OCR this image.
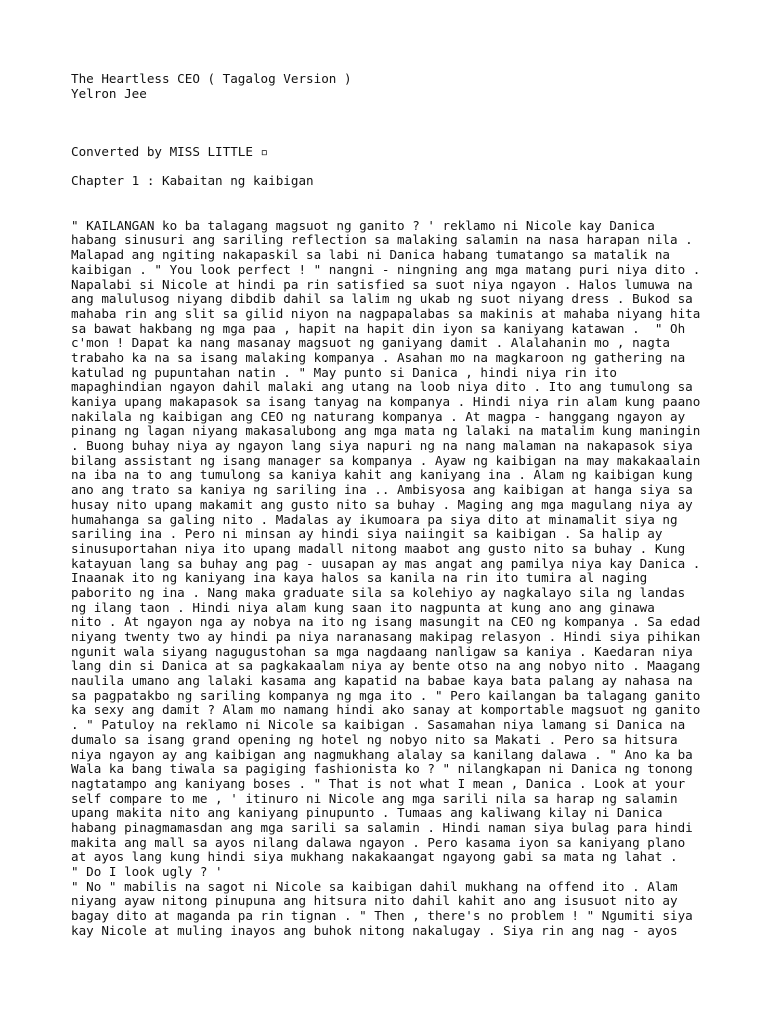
The Heartless CEO ( Tagalog Version )
Yelron Jee
Converted by MISS LITTLE ▫
Chapter 1 : Kabaitan ng kaibigan
" KAILANGAN ko ba talagang magsuot ng ganito ? ' reklamo ni Nicole kay Danica
habang sinusuri ang sariling reflection sa malaking salamin na nasa harapan nila .
Malapad ang ngiting nakapaskil sa labi ni Danica habang tumatango sa matalik na
kaibigan . " You look perfect ! " nangni - ningning ang mga matang puri niya dito .
Napalabi si Nicole at hindi pa rin satisfied sa suot niya ngayon . Halos lumuwa na
ang malulusog niyang dibdib dahil sa lalim ng ukab ng suot niyang dress . Bukod sa
mahaba rin ang slit sa gilid niyon na nagpapalabas sa makinis at mahaba niyang hita
sa bawat hakbang ng mga paa , hapit na hapit din iyon sa kaniyang katawan .  " Oh
c'mon ! Dapat ka nang masanay magsuot ng ganiyang damit . Alalahanin mo , nagta
trabaho ka na sa isang malaking kompanya . Asahan mo na magkaroon ng gathering na
katulad ng pupuntahan natin . " May punto si Danica , hindi niya rin ito
mapaghindian ngayon dahil malaki ang utang na loob niya dito . Ito ang tumulong sa
kaniya upang makapasok sa isang tanyag na kompanya . Hindi niya rin alam kung paano
nakilala ng kaibigan ang CEO ng naturang kompanya . At magpa - hanggang ngayon ay
pinang ng lagan niyang makasalubong ang mga mata ng lalaki na matalim kung maningin
. Buong buhay niya ay ngayon lang siya napuri ng na nang malaman na nakapasok siya
bilang assistant ng isang manager sa kompanya . Ayaw ng kaibigan na may makakaalain
na iba na to ang tumulong sa kaniya kahit ang kaniyang ina . Alam ng kaibigan kung
ano ang trato sa kaniya ng sariling ina .. Ambisyosa ang kaibigan at hanga siya sa
husay nito upang makamit ang gusto nito sa buhay . Maging ang mga magulang niya ay
humahanga sa galing nito . Madalas ay ikumoara pa siya dito at minamalit siya ng
sariling ina . Pero ni minsan ay hindi siya naiingit sa kaibigan . Sa halip ay
sinusuportahan niya ito upang madall nitong maabot ang gusto nito sa buhay . Kung
katayuan lang sa buhay ang pag - uusapan ay mas angat ang pamilya niya kay Danica .
Inaanak ito ng kaniyang ina kaya halos sa kanila na rin ito tumira al naging
paborito ng ina . Nang maka graduate sila sa kolehiyo ay nagkalayo sila ng landas
ng ilang taon . Hindi niya alam kung saan ito nagpunta at kung ano ang ginawa
nito . At ngayon nga ay nobya na ito ng isang masungit na CEO ng kompanya . Sa edad
niyang twenty two ay hindi pa niya naranasang makipag relasyon . Hindi siya pihikan
ngunit wala siyang nagugustohan sa mga nagdaang nanligaw sa kaniya . Kaedaran niya
lang din si Danica at sa pagkakaalam niya ay bente otso na ang nobyo nito . Maagang
naulila umano ang lalaki kasama ang kapatid na babae kaya bata palang ay nahasa na
sa pagpatakbo ng sariling kompanya ng mga ito . " Pero kailangan ba talagang ganito
ka sexy ang damit ? Alam mo namang hindi ako sanay at komportable magsuot ng ganito
. " Patuloy na reklamo ni Nicole sa kaibigan . Sasamahan niya lamang si Danica na
dumalo sa isang grand opening ng hotel ng nobyo nito sa Makati . Pero sa hitsura
niya ngayon ay ang kaibigan ang nagmukhang alalay sa kanilang dalawa . " Ano ka ba
Wala ka bang tiwala sa pagiging fashionista ko ? " nilangkapan ni Danica ng tonong
nagtatampo ang kaniyang boses . " That is not what I mean , Danica . Look at your
self compare to me , ' itinuro ni Nicole ang mga sarili nila sa harap ng salamin
upang makita nito ang kaniyang pinupunto . Tumaas ang kaliwang kilay ni Danica
habang pinagmamasdan ang mga sarili sa salamin . Hindi naman siya bulag para hindi
makita ang mall sa ayos nilang dalawa ngayon . Pero kasama iyon sa kaniyang plano
at ayos lang kung hindi siya mukhang nakakaangat ngayong gabi sa mata ng lahat .
" Do I look ugly ? '
" No " mabilis na sagot ni Nicole sa kaibigan dahil mukhang na offend ito . Alam
niyang ayaw nitong pinupuna ang hitsura nito dahil kahit ano ang isusuot nito ay
bagay dito at maganda pa rin tignan . " Then , there's no problem ! " Ngumiti siya
kay Nicole at muling inayos ang buhok nitong nakalugay . Siya rin ang nag - ayos
